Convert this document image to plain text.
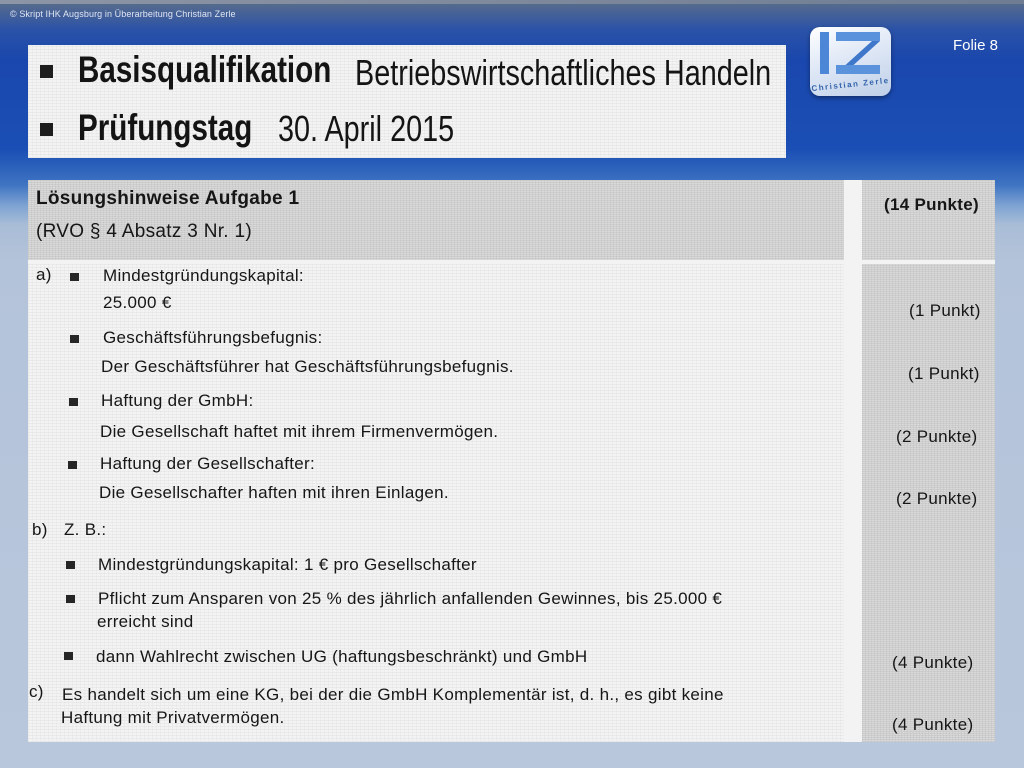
© Skript IHK Augsburg in Überarbeitung Christian Zerle
Folie 8
Christian Zerle
Basisqualifikation Betriebswirtschaftliches Handeln
Prüfungstag 30. April 2015
Lösungshinweise Aufgabe 1
(RVO § 4 Absatz 3 Nr. 1)
(14 Punkte)
a)	Mindestgründungskapital:
25.000 €	(1 Punkt)
Geschäftsführungsbefugnis:
Der Geschäftsführer hat Geschäftsführungsbefugnis.	(1 Punkt)
Haftung der GmbH:
Die Gesellschaft haftet mit ihrem Firmenvermögen.	(2 Punkte)
Haftung der Gesellschafter:
Die Gesellschafter haften mit ihren Einlagen.	(2 Punkte)
b) Z. B.:
Mindestgründungskapital: 1 € pro Gesellschafter
Pflicht zum Ansparen von 25 % des jährlich anfallenden Gewinnes, bis 25.000 €
erreicht sind
dann Wahlrecht zwischen UG (haftungsbeschränkt) und GmbH	(4 Punkte)
c) Es handelt sich um eine KG, bei der die GmbH Komplementär ist, d. h., es gibt keine
Haftung mit Privatvermögen.	(4 Punkte)
